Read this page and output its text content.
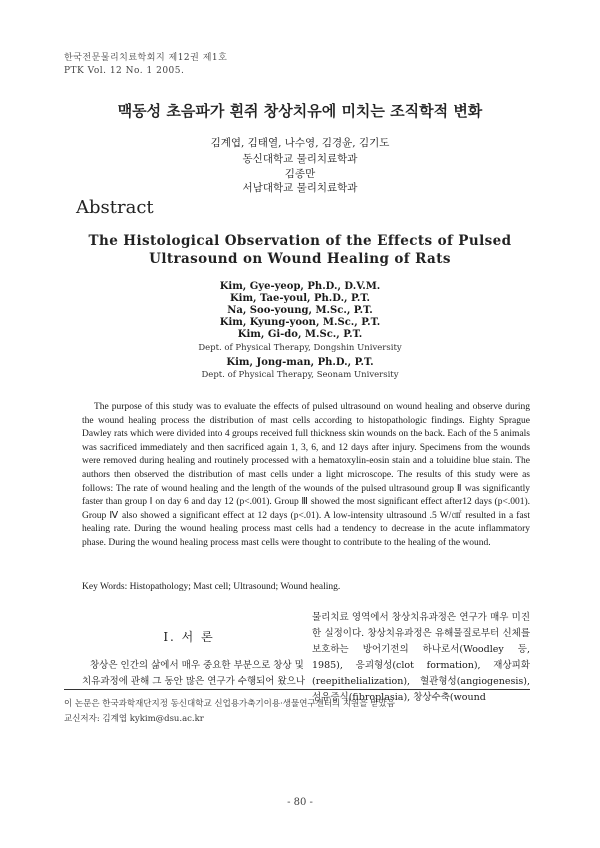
한국전문물리치료학회지 제12권 제1호
PTK Vol. 12 No. 1 2005.
맥동성 초음파가 흰쥐 창상치유에 미치는 조직학적 변화
김계엽, 김태열, 나수영, 김경윤, 김기도
동신대학교 물리치료학과
김종만
서남대학교 물리치료학과
Abstract
The Histological Observation of the Effects of Pulsed
Ultrasound on Wound Healing of Rats
Kim, Gye-yeop, Ph.D., D.V.M.
Kim, Tae-youl, Ph.D., P.T.
Na, Soo-young, M.Sc., P.T.
Kim, Kyung-yoon, M.Sc., P.T.
Kim, Gi-do, M.Sc., P.T.
Dept. of Physical Therapy, Dongshin University
Kim, Jong-man, Ph.D., P.T.
Dept. of Physical Therapy, Seonam University
The purpose of this study was to evaluate the effects of pulsed ultrasound on wound healing and observe during the wound healing process the distribution of mast cells according to histopathologic findings. Eighty Sprague Dawley rats which were divided into 4 groups received full thickness skin wounds on the back. Each of the 5 animals was sacrificed immediately and then sacrificed again 1, 3, 6, and 12 days after injury. Specimens from the wounds were removed during healing and routinely processed with a hematoxylin-eosin stain and a toluidine blue stain. The authors then observed the distribution of mast cells under a light microscope. The results of this study were as follows: The rate of wound healing and the length of the wounds of the pulsed ultrasound group Ⅱ was significantly faster than group Ⅰ on day 6 and day 12 (p<.001). Group Ⅲ showed the most significant effect after12 days (p<.001). Group Ⅳ also showed a significant effect at 12 days (p<.01). A low-intensity ultrasound .5 W/㎠ resulted in a fast healing rate. During the wound healing process mast cells had a tendency to decrease in the acute inflammatory phase. During the wound healing process mast cells were thought to contribute to the healing of the wound.
Key Words: Histopathology; Mast cell; Ultrasound; Wound healing.
물리치료 영역에서 창상치유과정은 연구가 매우 미진한 실정이다. 창상치유과정은 유해물질로부터 신체를 보호하는 방어기전의 하나로서(Woodley 등, 1985), 응괴형성(clot formation), 재상피화(reepithelialization), 혈관형성(angiogenesis), 섬유증식(fibroplasia), 창상수축(wound
Ⅰ. 서 론
창상은 인간의 삶에서 매우 중요한 부분으로 창상 및
치유과정에 관해 그 동안 많은 연구가 수행되어 왔으나
이 논문은 한국과학재단지정 동신대학교 신업용가축기이용·생물연구센터의 지원을 받았음
교신저자: 김계엽 kykim@dsu.ac.kr
- 80 -
